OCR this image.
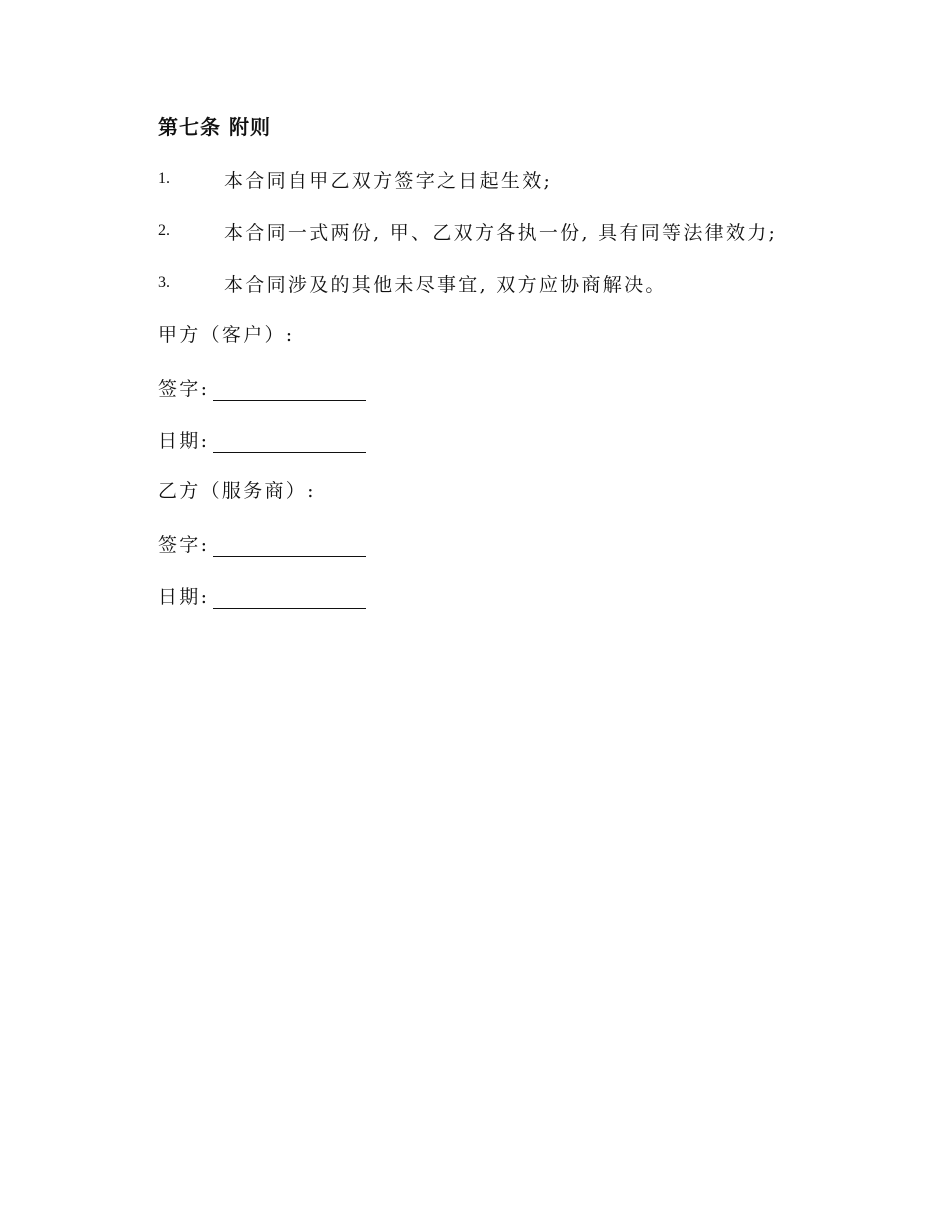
第七条 附则
1.	本合同自甲乙双方签字之日起生效;
2.	本合同一式两份, 甲、乙双方各执一份, 具有同等法律效力;
3.	本合同涉及的其他未尽事宜, 双方应协商解决。
甲方（客户）:
签字:
日期:
乙方（服务商）:
签字:
日期:
